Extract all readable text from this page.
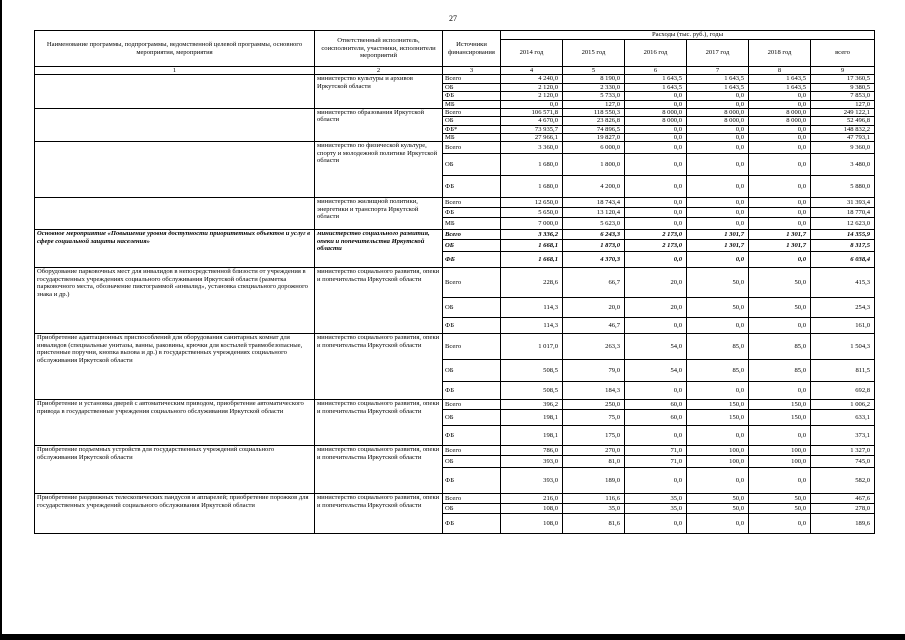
27
Наименование программы, подпрограммы, ведомственной целевой программы, основного мероприятия, мероприятия	Ответственный исполнитель, соисполнители, участники, исполнители мероприятий	Источники финансирования	Расходы (тыс. руб.), годы					
			2014 год	2015 год	2016 год	2017 год	2018 год	всего
1	2	3	4	5	6	7	8	9
	министерство культуры и архивов Иркутской области	Всего	4 240,0	8 190,0	1 643,5	1 643,5	1 643,5	17 360,5
		ОБ	2 120,0	2 330,0	1 643,5	1 643,5	1 643,5	9 380,5
		ФБ	2 120,0	5 733,0	0,0	0,0	0,0	7 853,0
		МБ	0,0	127,0	0,0	0,0	0,0	127,0
	министерство образования Иркутской области	Всего	106 571,8	118 550,3	8 000,0	8 000,0	8 000,0	249 122,1
		ОБ	4 670,0	23 826,8	8 000,0	8 000,0	8 000,0	52 496,8
		ФБ*	73 935,7	74 896,5	0,0	0,0	0,0	148 832,2
		МБ	27 966,1	19 827,0	0,0	0,0	0,0	47 793,1
	министерство по физической культуре, спорту и молодежной политике Иркутской области	Всего	3 360,0	6 000,0	0,0	0,0	0,0	9 360,0
		ОБ	1 680,0	1 800,0	0,0	0,0	0,0	3 480,0
		ФБ	1 680,0	4 200,0	0,0	0,0	0,0	5 880,0
	министерство жилищной политики, энергетики и транспорта Иркутской области	Всего	12 650,0	18 743,4	0,0	0,0	0,0	31 393,4
		ФБ	5 650,0	13 120,4	0,0	0,0	0,0	18 770,4
		МБ	7 000,0	5 623,0	0,0	0,0	0,0	12 623,0
Основное мероприятие «Повышение уровня доступности приоритетных объектов и услуг в сфере социальной защиты населения»	министерство социального развития, опеки и попечительства Иркутской области	Всего	3 336,2	6 243,3	2 173,0	1 301,7	1 301,7	14 355,9
		ОБ	1 668,1	1 873,0	2 173,0	1 301,7	1 301,7	8 317,5
		ФБ	1 668,1	4 370,3	0,0	0,0	0,0	6 038,4
Оборудование парковочных мест для инвалидов в непосредственной близости от учреждения в государственных учреждениях социального обслуживания Иркутской области (разметка парковочного места, обозначение пиктограммой «инвалид», установка специального дорожного знака и др.)	министерство социального развития, опеки и попечительства Иркутской области	Всего	228,6	66,7	20,0	50,0	50,0	415,3
		ОБ	114,3	20,0	20,0	50,0	50,0	254,3
		ФБ	114,3	46,7	0,0	0,0	0,0	161,0
Приобретение адаптационных приспособлений для оборудования санитарных комнат для инвалидов (специальные унитазы, ванны, раковины, крючки для костылей травмобезопасные, пристенные поручни, кнопка вызова и др.) в государственных учреждениях социального обслуживания Иркутской области	министерство социального развития, опеки и попечительства Иркутской области	Всего	1 017,0	263,3	54,0	85,0	85,0	1 504,3
		ОБ	508,5	79,0	54,0	85,0	85,0	811,5
		ФБ	508,5	184,3	0,0	0,0	0,0	692,8
Приобретение и установка дверей с автоматическим приводом, приобретение автоматического привода в государственные учреждения социального обслуживания Иркутской области	министерство социального развития, опеки и попечительства Иркутской области	Всего	396,2	250,0	60,0	150,0	150,0	1 006,2
		ОБ	198,1	75,0	60,0	150,0	150,0	633,1
		ФБ	198,1	175,0	0,0	0,0	0,0	373,1
Приобретение подъемных устройств для государственных учреждений социального обслуживания Иркутской области	министерство социального развития, опеки и попечительства Иркутской области	Всего	786,0	270,0	71,0	100,0	100,0	1 327,0
		ОБ	393,0	81,0	71,0	100,0	100,0	745,0
		ФБ	393,0	189,0	0,0	0,0	0,0	582,0
Приобретение раздвижных телескопических пандусов и аппарелей; приобретение порожков для государственных учреждений социального обслуживания Иркутской области	министерство социального развития, опеки и попечительства Иркутской области	Всего	216,0	116,6	35,0	50,0	50,0	467,6
		ОБ	108,0	35,0	35,0	50,0	50,0	278,0
		ФБ	108,0	81,6	0,0	0,0	0,0	189,6
